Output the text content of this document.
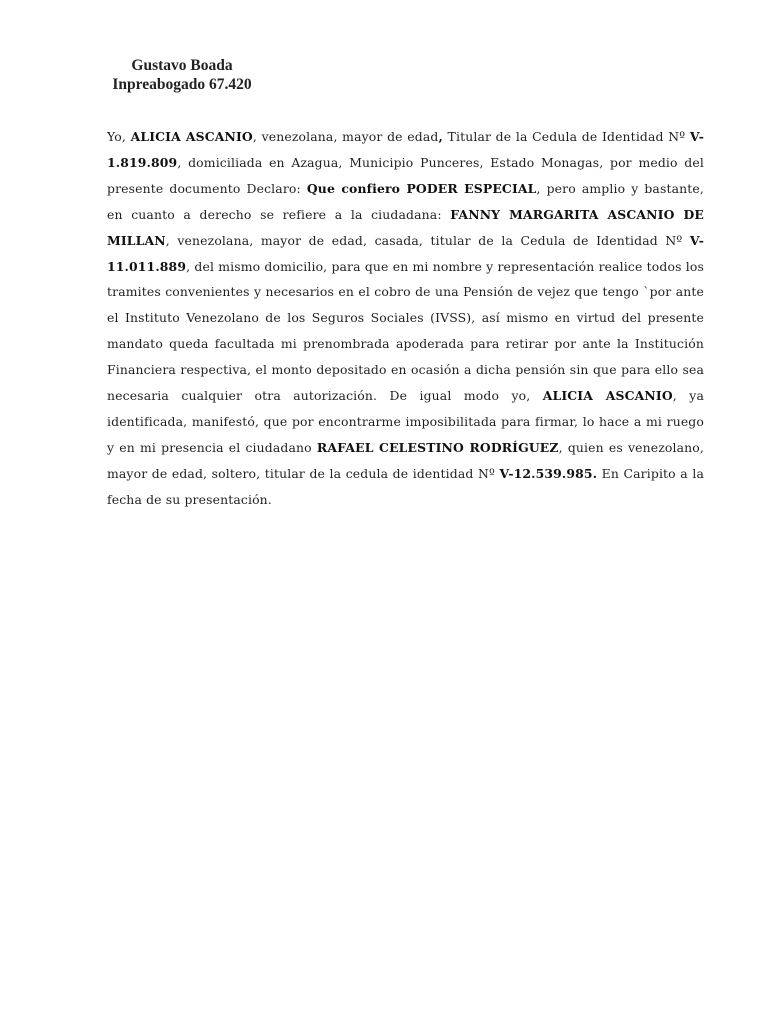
Gustavo Boada
Inpreabogado 67.420

Yo, ALICIA ASCANIO, venezolana, mayor de edad, Titular de la Cedula de Identidad Nº V-1.819.809, domiciliada en Azagua, Municipio Punceres, Estado Monagas, por medio del presente documento Declaro: Que confiero PODER ESPECIAL, pero amplio y bastante, en cuanto a derecho se refiere a la ciudadana: FANNY MARGARITA ASCANIO DE MILLAN, venezolana, mayor de edad, casada, titular de la Cedula de Identidad Nº V-11.011.889, del mismo domicilio, para que en mi nombre y representación realice todos los tramites convenientes y necesarios en el cobro de una Pensión de vejez que tengo `por ante el Instituto Venezolano de los Seguros Sociales (IVSS), así mismo en virtud del presente mandato queda facultada mi prenombrada apoderada para retirar por ante la Institución Financiera respectiva, el monto depositado en ocasión a dicha pensión sin que para ello sea necesaria cualquier otra autorización. De igual modo yo, ALICIA ASCANIO, ya identificada, manifestó, que por encontrarme imposibilitada para firmar, lo hace a mi ruego y en mi presencia el ciudadano RAFAEL CELESTINO RODRÍGUEZ, quien es venezolano, mayor de edad, soltero, titular de la cedula de identidad Nº V-12.539.985. En Caripito a la fecha de su presentación.
